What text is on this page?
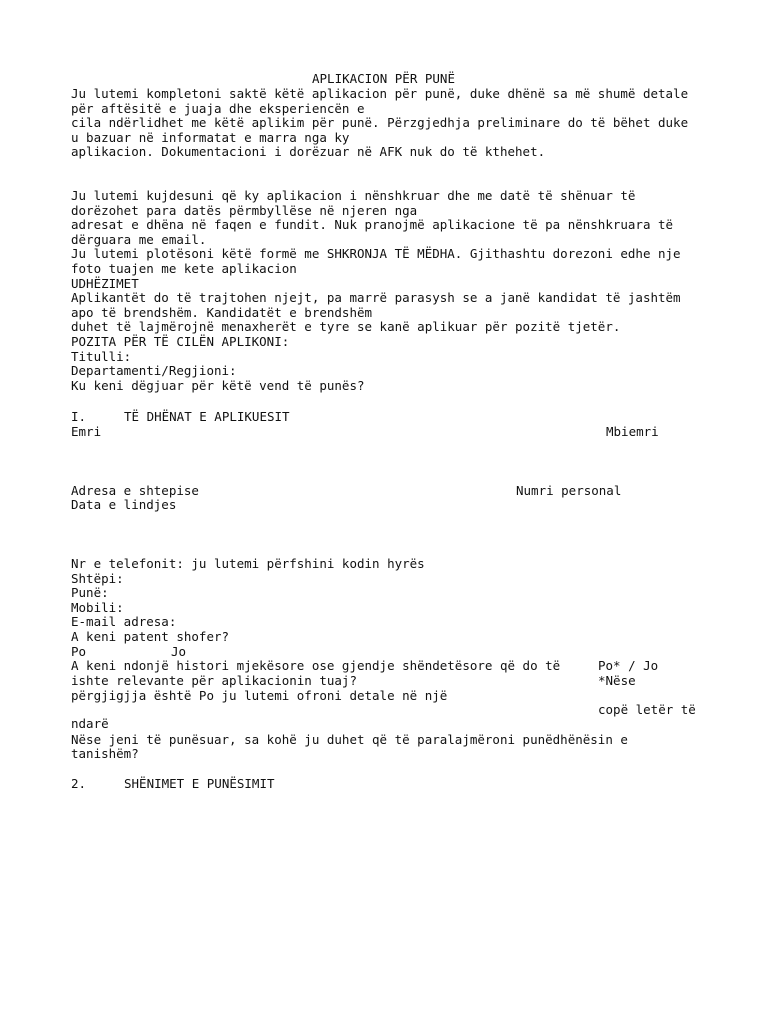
APLIKACION PËR PUNË
Ju lutemi kompletoni saktë këtë aplikacion për punë, duke dhënë sa më shumë detale
për aftësitë e juaja dhe eksperiencën e
cila ndërlidhet me këtë aplikim për punë. Përzgjedhja preliminare do të bëhet duke
u bazuar në informatat e marra nga ky
aplikacion. Dokumentacioni i dorëzuar në AFK nuk do të kthehet.
Ju lutemi kujdesuni që ky aplikacion i nënshkruar dhe me datë të shënuar të
dorëzohet para datës përmbyllëse në njeren nga
adresat e dhëna në faqen e fundit. Nuk pranojmë aplikacione të pa nënshkruara të
dërguara me email.
Ju lutemi plotësoni këtë formë me SHKRONJA TË MËDHA. Gjithashtu dorezoni edhe nje
foto tuajen me kete aplikacion
UDHËZIMET
Aplikantët do të trajtohen njejt, pa marrë parasysh se a janë kandidat të jashtëm
apo të brendshëm. Kandidatët e brendshëm
duhet të lajmërojnë menaxherët e tyre se kanë aplikuar për pozitë tjetër.
POZITA PËR TË CILËN APLIKONI:
Titulli:
Departamenti/Regjioni:
Ku keni dëgjuar për këtë vend të punës?
I.	TË DHËNAT E APLIKUESIT
Emri	Mbiemri
Adresa e shtepise	Numri personal
Data e lindjes
Nr e telefonit: ju lutemi përfshini kodin hyrës
Shtëpi:
Punë:
Mobili:
E-mail adresa:
A keni patent shofer?
Po	Jo
A keni ndonjë histori mjekësore ose gjendje shëndetësore që do të	Po* / Jo
ishte relevante për aplikacionin tuaj?	*Nëse
përgjigjja është Po ju lutemi ofroni detale në një
copë letër të
ndarë
Nëse jeni të punësuar, sa kohë ju duhet që të paralajmëroni punëdhënësin e
tanishëm?
2.	SHËNIMET E PUNËSIMIT
